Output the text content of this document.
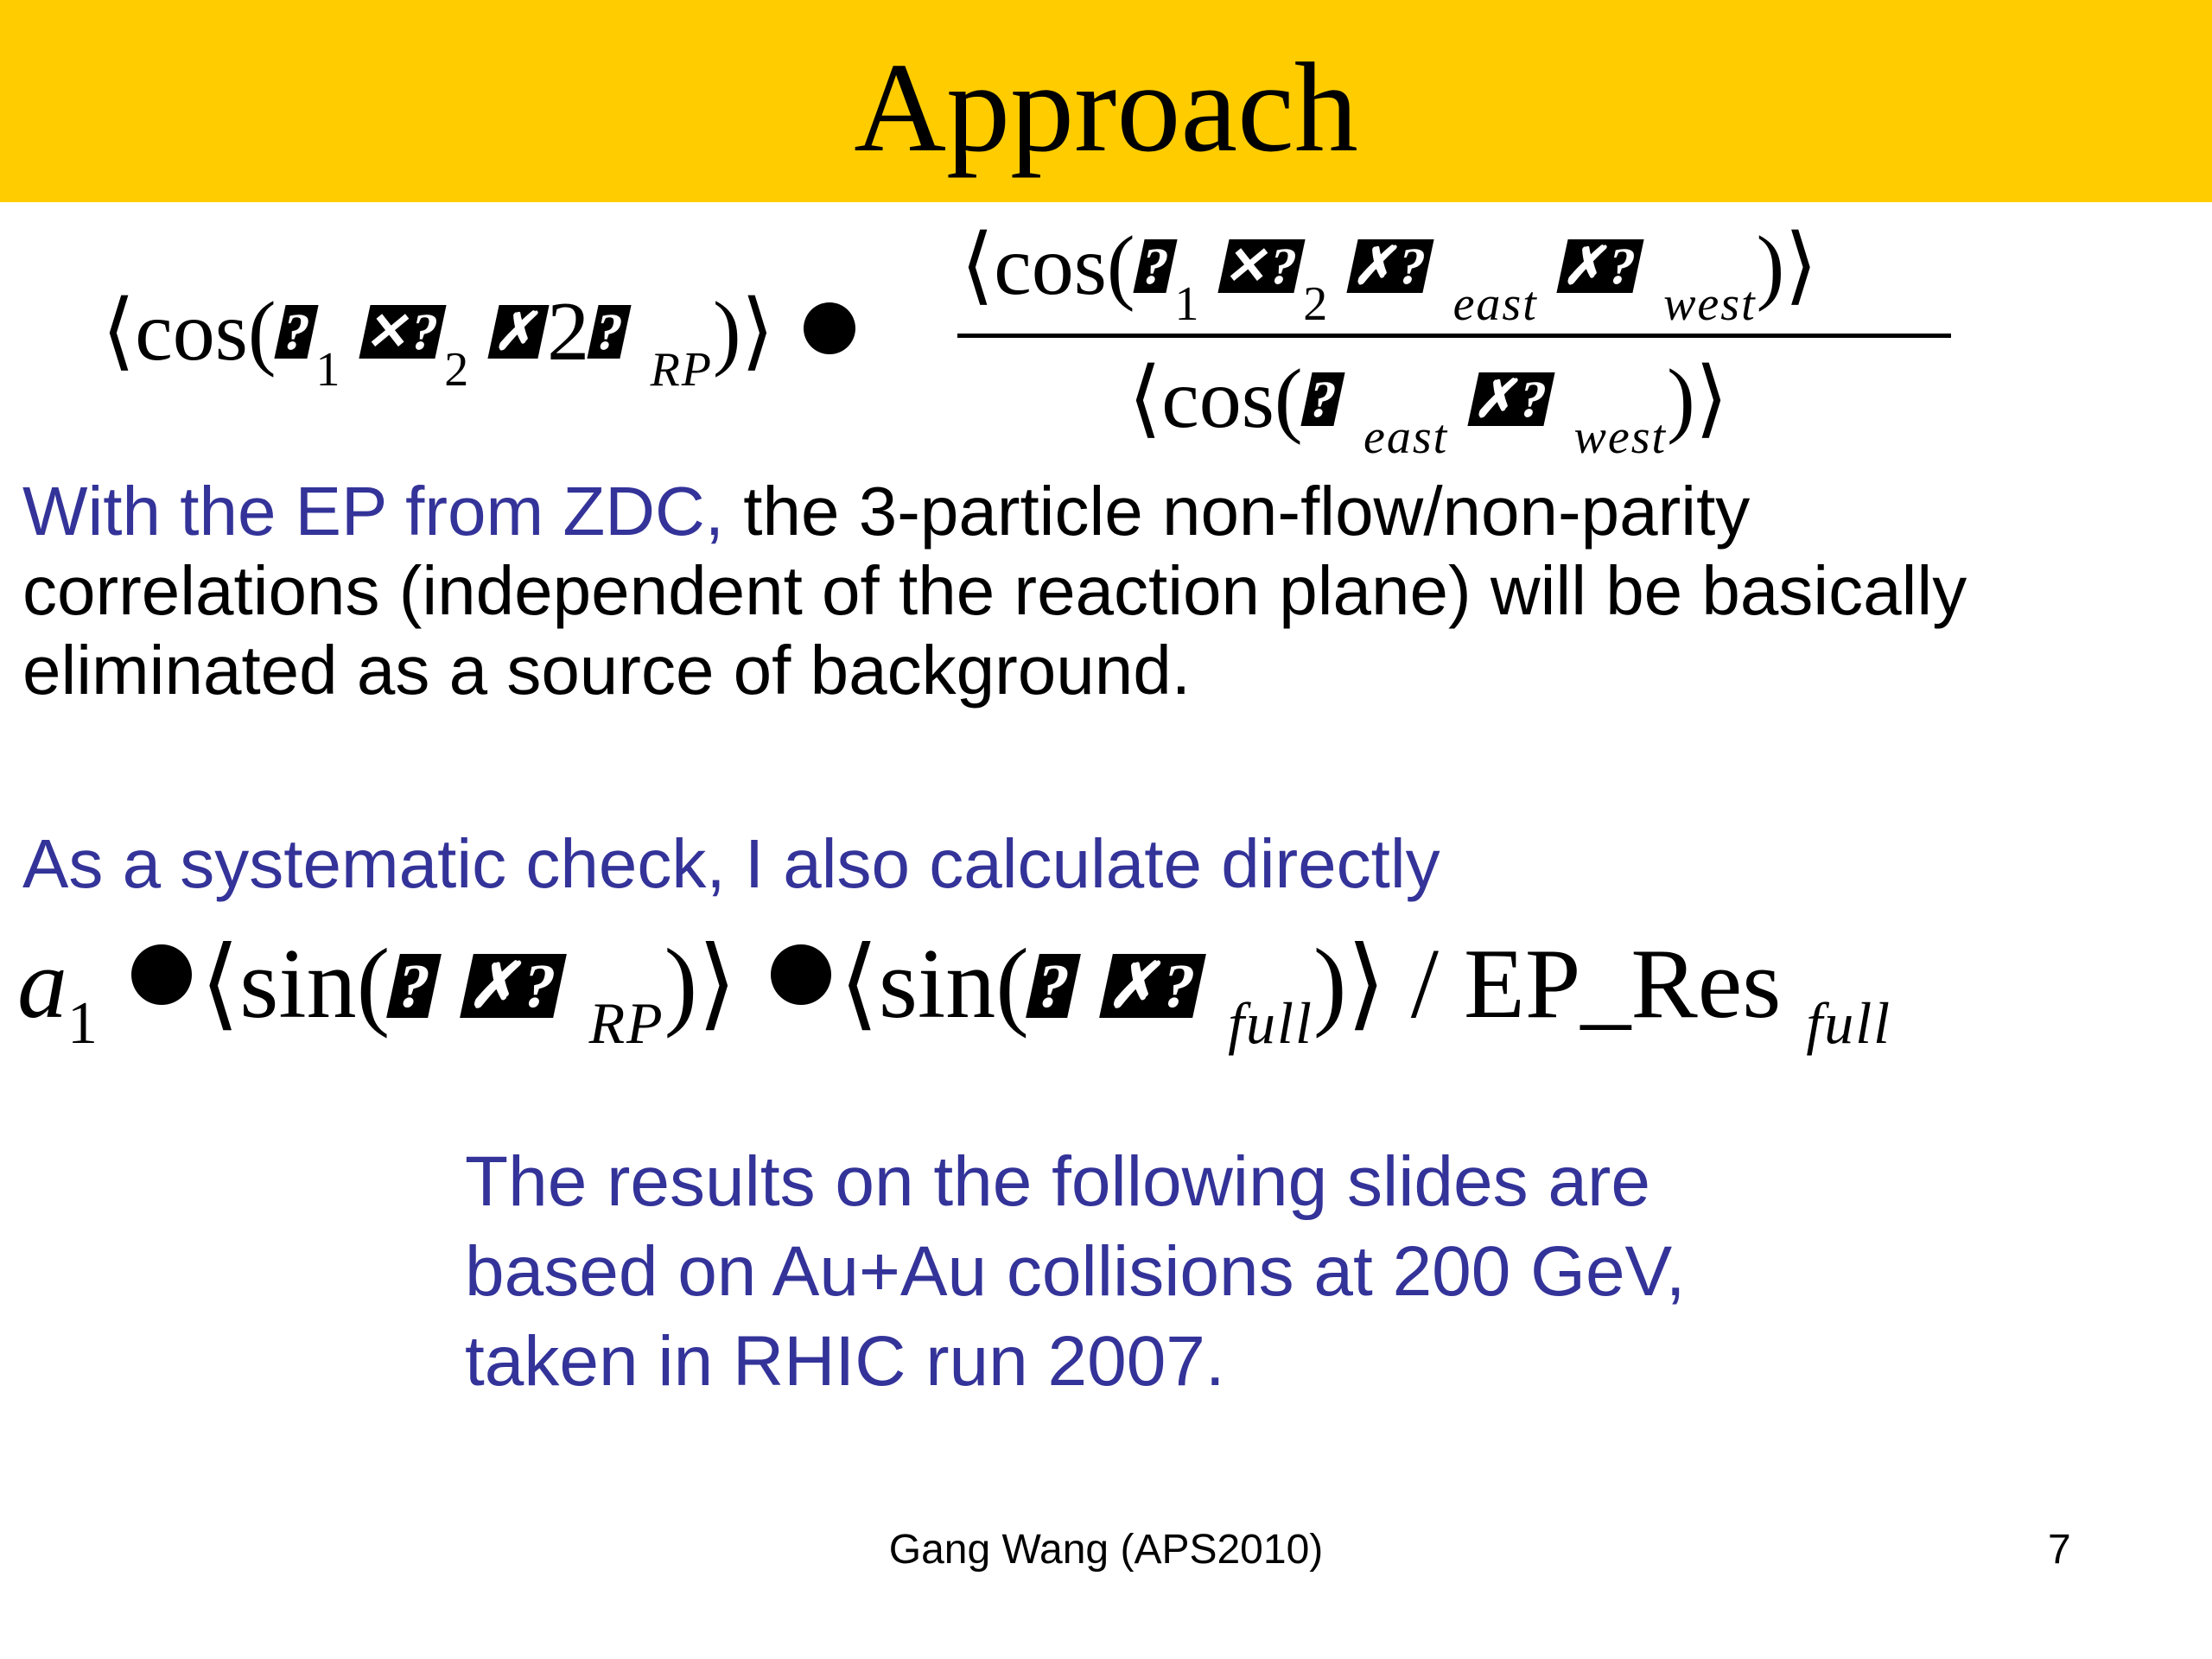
Approach
$⟨\cos(?_1$ $✕?_2$ ✗2? $_{RP}$)⟩
$⟨\cos(?_1$ $✕?_2$ ✗? $_{east}$ ✗? $_{west}$)⟩
⟨cos(? $_{east}$ ✗? $_{west}$)⟩
With the EP from ZDC, the 3-particle non-flow/non-parity
correlations (independent of the reaction plane) will be basically
eliminated as a source of background.
As a systematic check, I also calculate directly
$a_1$ ⟨sin(? ✗? $_{RP}$)⟩ ⟨sin(? ✗? $_{full}$)⟩ / EP_Res $_{full}$
The results on the following slides are
based on Au+Au collisions at 200 GeV,
taken in RHIC run 2007.
Gang Wang (APS2010)	7
